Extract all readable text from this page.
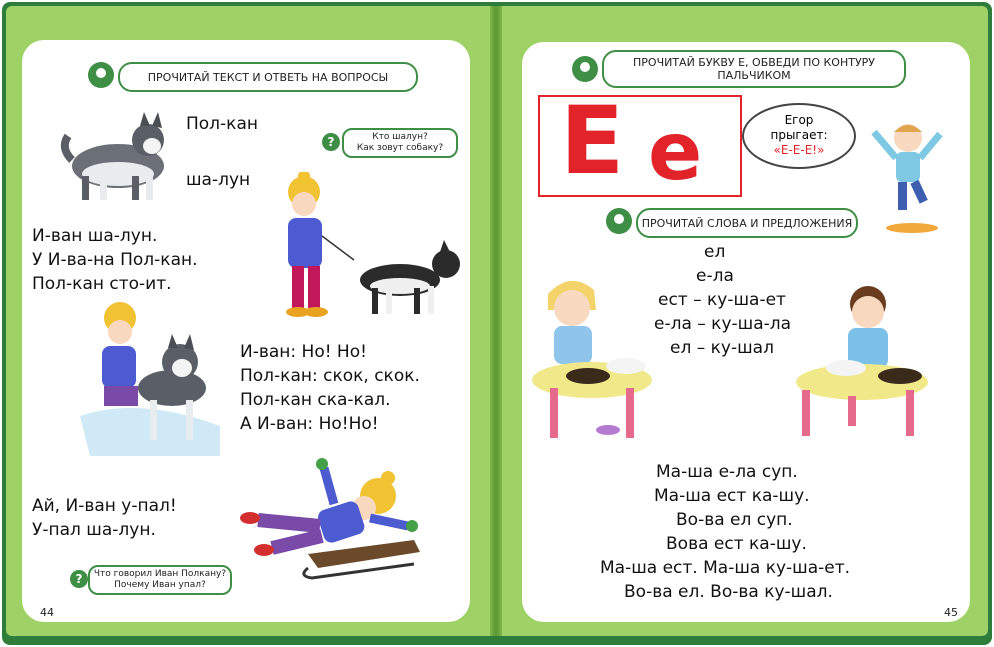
ПРОЧИТАЙ ТЕКСТ И ОТВЕТЬ НА ВОПРОСЫ
Пол-кан
ша-лун
?	Кто шалун?
Как зовут собаку?
И-ван ша-лун.
У И-ва-на Пол-кан.
Пол-кан сто-ит.
И-ван: Но! Но!
Пол-кан: скок, скок.
Пол-кан ска-кал.
А И-ван: Но!Но!
Ай, И-ван у-пал!
У-пал ша-лун.
?	Что говорил Иван Полкану?
Почему Иван упал?
44
ПРОЧИТАЙ БУКВУ Е, ОБВЕДИ ПО КОНТУРУ
ПАЛЬЧИКОМ
Е е	Егор
прыгает:
«Е-Е-Е!»
ПРОЧИТАЙ СЛОВА И ПРЕДЛОЖЕНИЯ
ел
е-ла
ест – ку-ша-ет
е-ла – ку-ша-ла
ел – ку-шал
Ма-ша е-ла суп.
Ма-ша ест ка-шу.
Во-ва ел суп.
Вова ест ка-шу.
Ма-ша ест. Ма-ша ку-ша-ет.
Во-ва ел. Во-ва ку-шал.
45
